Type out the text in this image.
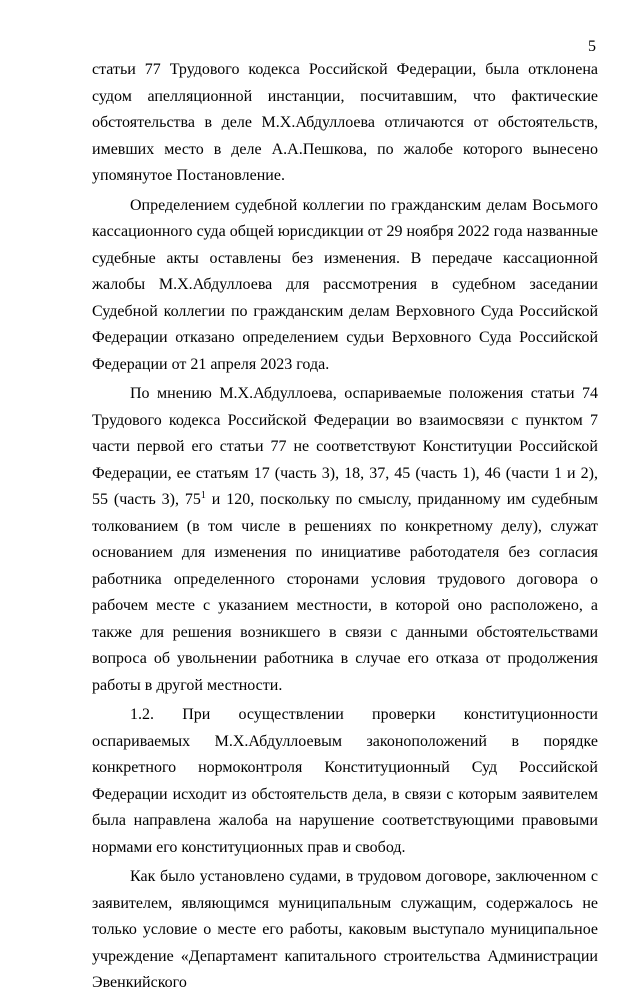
5

статьи 77 Трудового кодекса Российской Федерации, была отклонена судом апелляционной инстанции, посчитавшим, что фактические обстоятельства в деле М.Х.Абдуллоева отличаются от обстоятельств, имевших место в деле А.А.Пешкова, по жалобе которого вынесено упомянутое Постановление.

Определением судебной коллегии по гражданским делам Восьмого кассационного суда общей юрисдикции от 29 ноября 2022 года названные судебные акты оставлены без изменения. В передаче кассационной жалобы М.Х.Абдуллоева для рассмотрения в судебном заседании Судебной коллегии по гражданским делам Верховного Суда Российской Федерации отказано определением судьи Верховного Суда Российской Федерации от 21 апреля 2023 года.

По мнению М.Х.Абдуллоева, оспариваемые положения статьи 74 Трудового кодекса Российской Федерации во взаимосвязи с пунктом 7 части первой его статьи 77 не соответствуют Конституции Российской Федерации, ее статьям 17 (часть 3), 18, 37, 45 (часть 1), 46 (части 1 и 2), 55 (часть 3), $75^1$ и 120, поскольку по смыслу, приданному им судебным толкованием (в том числе в решениях по конкретному делу), служат основанием для изменения по инициативе работодателя без согласия работника определенного сторонами условия трудового договора о рабочем месте с указанием местности, в которой оно расположено, а также для решения возникшего в связи с данными обстоятельствами вопроса об увольнении работника в случае его отказа от продолжения работы в другой местности.

1.2. При осуществлении проверки конституционности оспариваемых М.Х.Абдуллоевым законоположений в порядке конкретного нормоконтроля Конституционный Суд Российской Федерации исходит из обстоятельств дела, в связи с которым заявителем была направлена жалоба на нарушение соответствующими правовыми нормами его конституционных прав и свобод.

Как было установлено судами, в трудовом договоре, заключенном с заявителем, являющимся муниципальным служащим, содержалось не только условие о месте его работы, каковым выступало муниципальное учреждение «Департамент капитального строительства Администрации Эвенкийского
